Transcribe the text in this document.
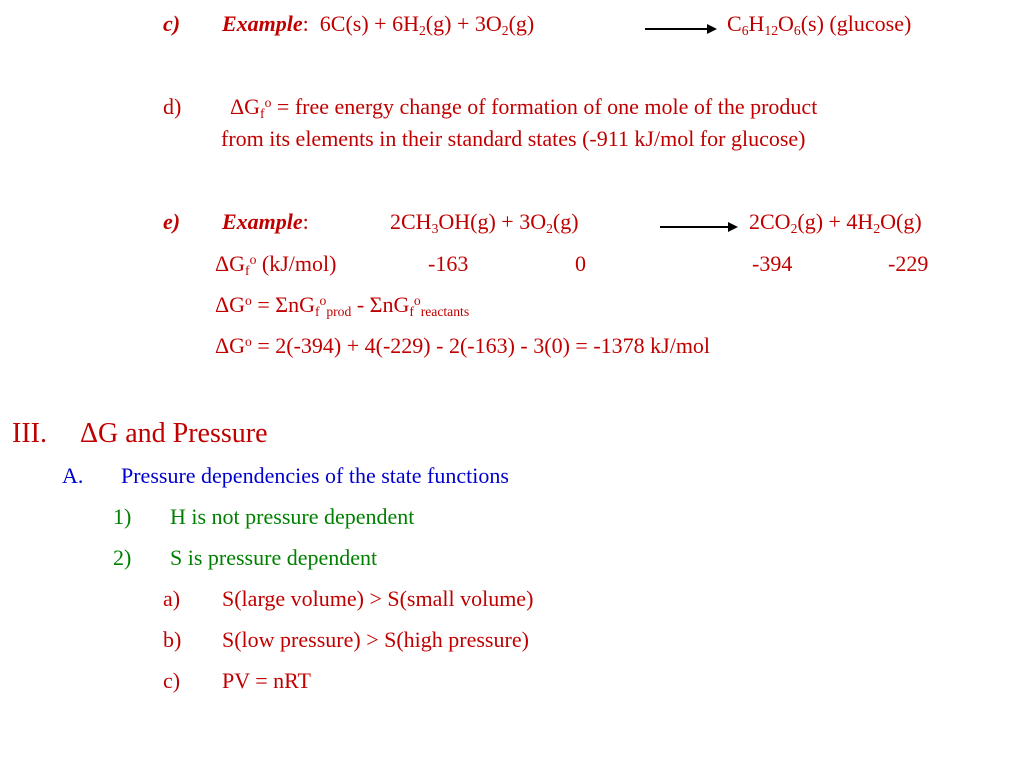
c) Example: $6C(s) + 6H_2(g) + 3O_2(g)$	$C_6H_{12}O_6(s)$ (glucose)
d) $\Delta G_f^o$ = free energy change of formation of one mole of the product
from its elements in their standard states (-911 kJ/mol for glucose)
e) Example:	$2CH_3OH(g) + 3O_2(g)$	$2CO_2(g) + 4H_2O(g)$
$\Delta G_f^o$ (kJ/mol)	-163	0	-394	-229
$\Delta G^o = \Sigma nG_f^o_{prod} - \Sigma nG_f^o_{reactants}$
$\Delta G^o = 2(-394) + 4(-229) - 2(-163) - 3(0) = -1378$ kJ/mol
III. ΔG and Pressure
A. Pressure dependencies of the state functions
1) H is not pressure dependent
2) S is pressure dependent
a) S(large volume) > S(small volume)
b) S(low pressure) > S(high pressure)
c) PV = nRT
